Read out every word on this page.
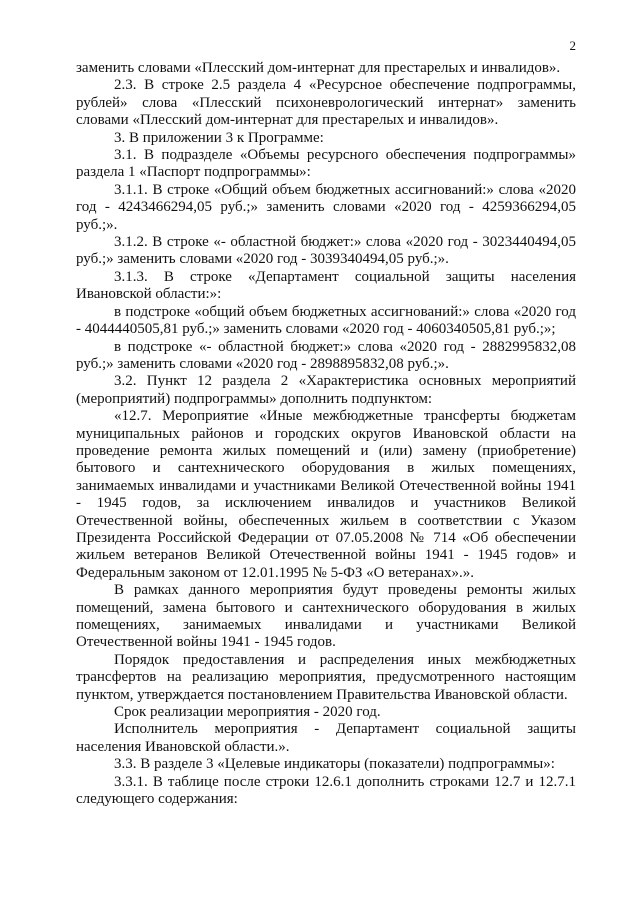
2

заменить словами «Плесский дом-интернат для престарелых и инвалидов».

2.3. В строке 2.5 раздела 4 «Ресурсное обеспечение подпрограммы, рублей» слова «Плесский психоневрологический интернат» заменить словами «Плесский дом-интернат для престарелых и инвалидов».

3. В приложении 3 к Программе:

3.1. В подразделе «Объемы ресурсного обеспечения подпрограммы» раздела 1 «Паспорт подпрограммы»:

3.1.1. В строке «Общий объем бюджетных ассигнований:» слова «2020 год - 4243466294,05 руб.;» заменить словами «2020 год - 4259366294,05 руб.;».

3.1.2. В строке «- областной бюджет:» слова «2020 год - 3023440494,05 руб.;» заменить словами «2020 год - 3039340494,05 руб.;».

3.1.3. В строке «Департамент социальной защиты населения Ивановской области:»:

в подстроке «общий объем бюджетных ассигнований:» слова «2020 год - 4044440505,81 руб.;» заменить словами «2020 год - 4060340505,81 руб.;»;

в подстроке «- областной бюджет:» слова «2020 год - 2882995832,08 руб.;» заменить словами «2020 год - 2898895832,08 руб.;».

3.2. Пункт 12 раздела 2 «Характеристика основных мероприятий (мероприятий) подпрограммы» дополнить подпунктом:

«12.7. Мероприятие «Иные межбюджетные трансферты бюджетам муниципальных районов и городских округов Ивановской области на проведение ремонта жилых помещений и (или) замену (приобретение) бытового и сантехнического оборудования в жилых помещениях, занимаемых инвалидами и участниками Великой Отечественной войны 1941 - 1945 годов, за исключением инвалидов и участников Великой Отечественной войны, обеспеченных жильем в соответствии с Указом Президента Российской Федерации от 07.05.2008 № 714 «Об обеспечении жильем ветеранов Великой Отечественной войны 1941 - 1945 годов» и Федеральным законом от 12.01.1995 № 5-ФЗ «О ветеранах».».

В рамках данного мероприятия будут проведены ремонты жилых помещений, замена бытового и сантехнического оборудования в жилых помещениях, занимаемых инвалидами и участниками Великой Отечественной войны 1941 - 1945 годов.

Порядок предоставления и распределения иных межбюджетных трансфертов на реализацию мероприятия, предусмотренного настоящим пунктом, утверждается постановлением Правительства Ивановской области.

Срок реализации мероприятия - 2020 год.

Исполнитель мероприятия - Департамент социальной защиты населения Ивановской области.».

3.3. В разделе 3 «Целевые индикаторы (показатели) подпрограммы»:

3.3.1. В таблице после строки 12.6.1 дополнить строками 12.7 и 12.7.1 следующего содержания:
